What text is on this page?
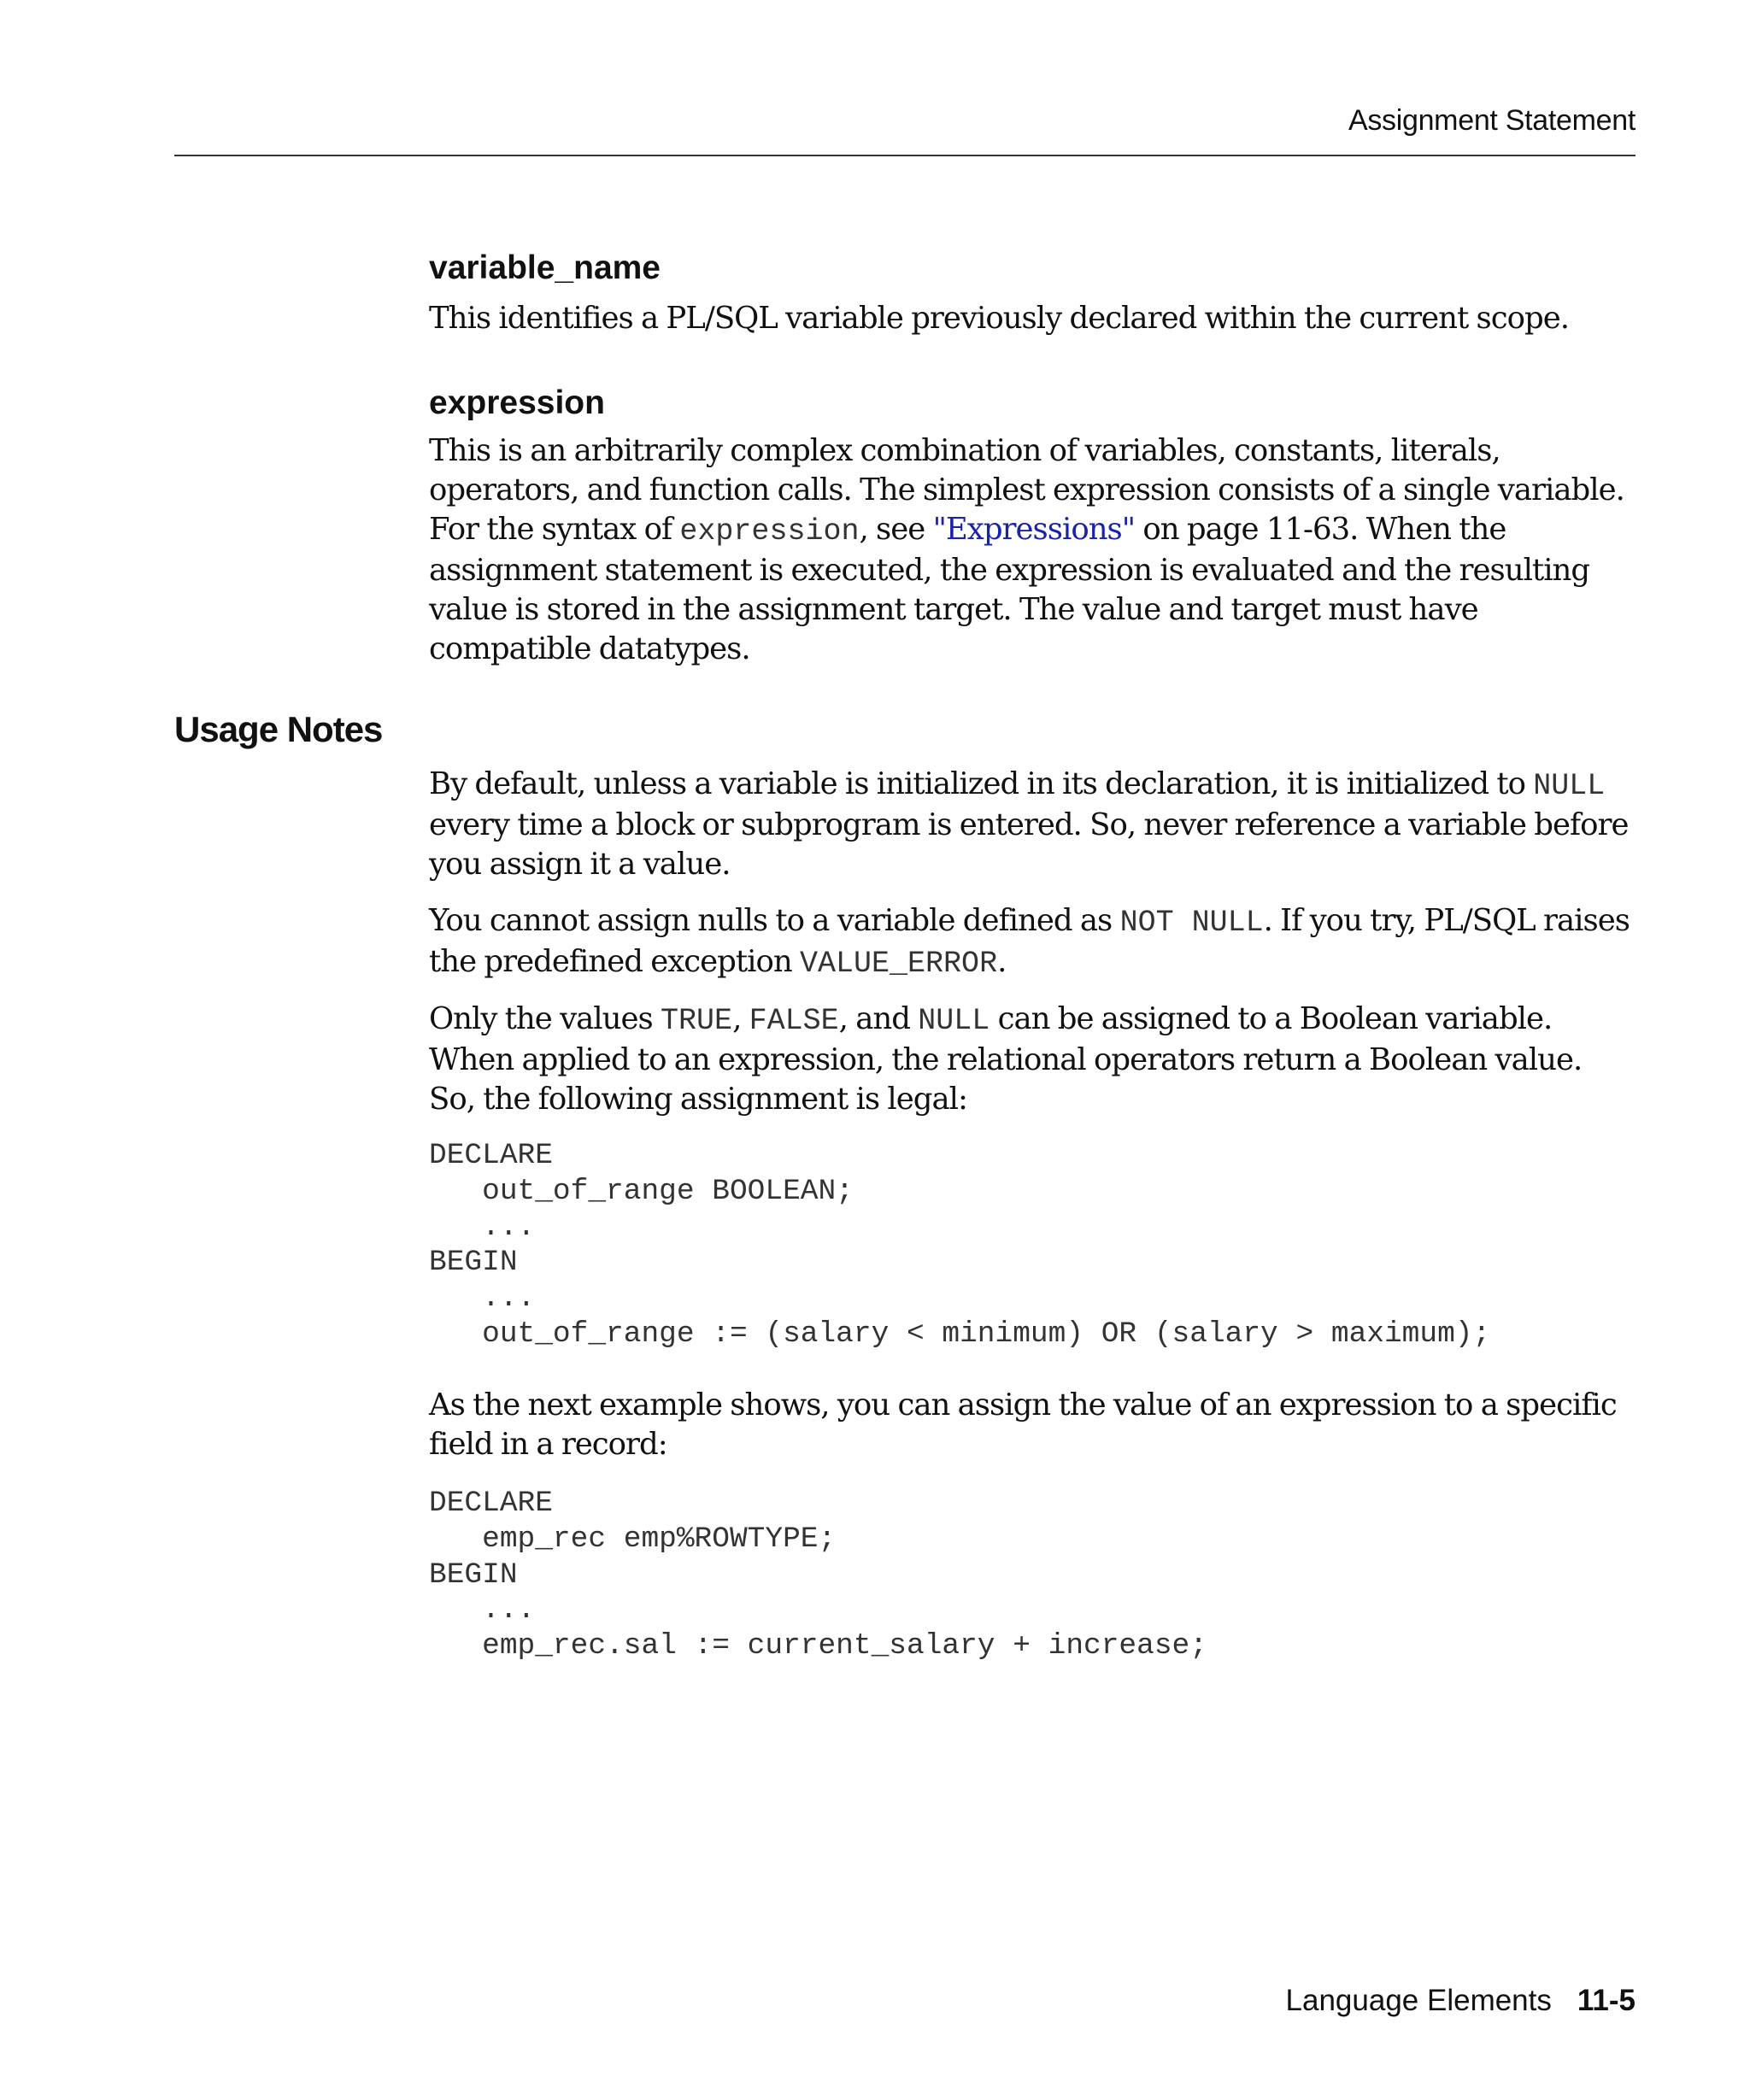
Assignment Statement
variable_name

This identifies a PL/SQL variable previously declared within the current scope.

expression

This is an arbitrarily complex combination of variables, constants, literals, operators, and function calls. The simplest expression consists of a single variable. For the syntax of expression, see "Expressions" on page 11-63. When the assignment statement is executed, the expression is evaluated and the resulting value is stored in the assignment target. The value and target must have compatible datatypes.

By default, unless a variable is initialized in its declaration, it is initialized to NULL every time a block or subprogram is entered. So, never reference a variable before you assign it a value.

You cannot assign nulls to a variable defined as NOT NULL. If you try, PL/SQL raises the predefined exception VALUE_ERROR.

Only the values TRUE, FALSE, and NULL can be assigned to a Boolean variable. When applied to an expression, the relational operators return a Boolean value. So, the following assignment is legal:

DECLARE
out_of_range BOOLEAN;
...
BEGIN
...
out_of_range := (salary < minimum) OR (salary > maximum);

As the next example shows, you can assign the value of an expression to a specific field in a record:

DECLARE
emp_rec emp%ROWTYPE;
BEGIN
...
emp_rec.sal := current_salary + increase;
Usage Notes
Language Elements 11-5
